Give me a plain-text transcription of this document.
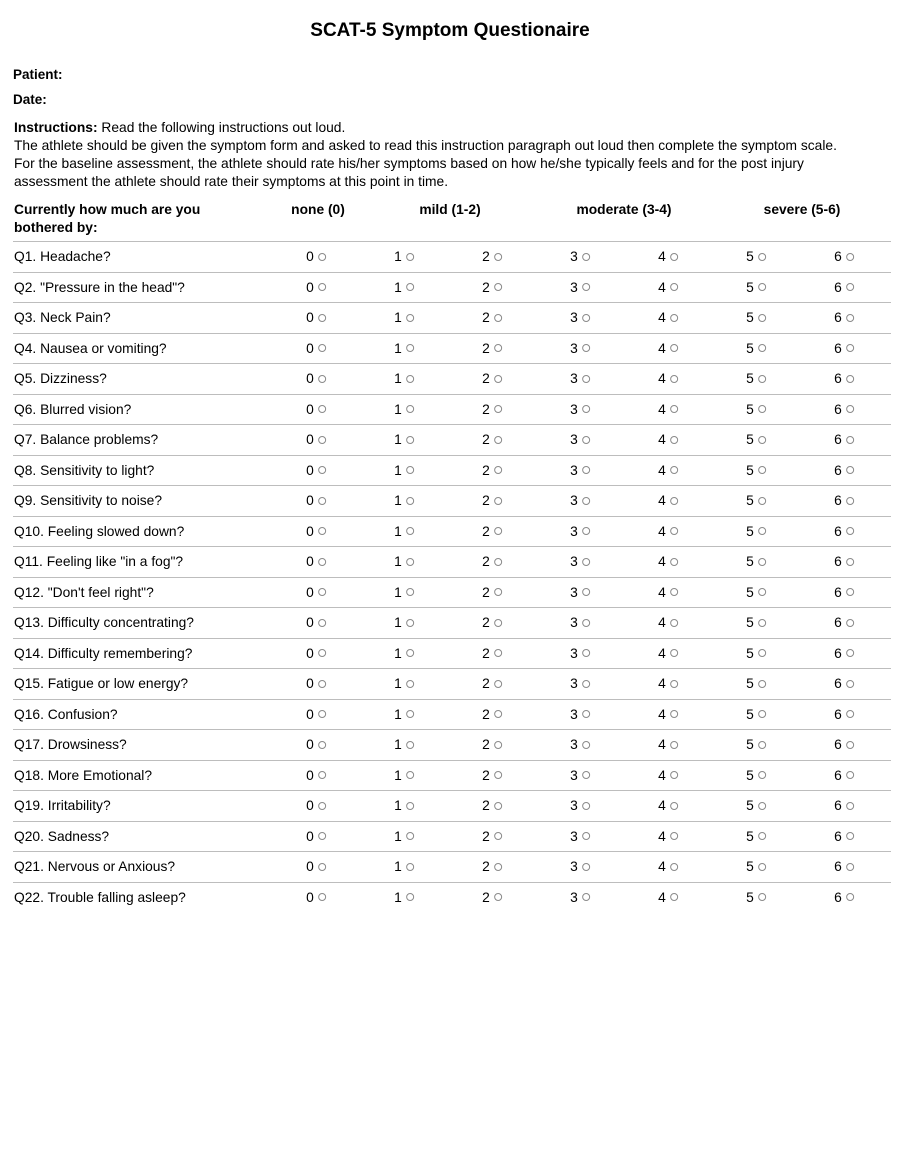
SCAT-5 Symptom Questionaire
Patient:
Date:
Instructions: Read the following instructions out loud.
The athlete should be given the symptom form and asked to read this instruction paragraph out loud then complete the symptom scale.
For the baseline assessment, the athlete should rate his/her symptoms based on how he/she typically feels and for the post injury
assessment the athlete should rate their symptoms at this point in time.
Currently how much are you
bothered by:
none (0)	mild (1-2)	moderate (3-4)	severe (5-6)
Q1. Headache?	0	1	2	3	4	5	6
Q2. "Pressure in the head"?	0	1	2	3	4	5	6
Q3. Neck Pain?	0	1	2	3	4	5	6
Q4. Nausea or vomiting?	0	1	2	3	4	5	6
Q5. Dizziness?	0	1	2	3	4	5	6
Q6. Blurred vision?	0	1	2	3	4	5	6
Q7. Balance problems?	0	1	2	3	4	5	6
Q8. Sensitivity to light?	0	1	2	3	4	5	6
Q9. Sensitivity to noise?	0	1	2	3	4	5	6
Q10. Feeling slowed down?	0	1	2	3	4	5	6
Q11. Feeling like "in a fog"?	0	1	2	3	4	5	6
Q12. "Don't feel right"?	0	1	2	3	4	5	6
Q13. Difficulty concentrating?	0	1	2	3	4	5	6
Q14. Difficulty remembering?	0	1	2	3	4	5	6
Q15. Fatigue or low energy?	0	1	2	3	4	5	6
Q16. Confusion?	0	1	2	3	4	5	6
Q17. Drowsiness?	0	1	2	3	4	5	6
Q18. More Emotional?	0	1	2	3	4	5	6
Q19. Irritability?	0	1	2	3	4	5	6
Q20. Sadness?	0	1	2	3	4	5	6
Q21. Nervous or Anxious?	0	1	2	3	4	5	6
Q22. Trouble falling asleep?	0	1	2	3	4	5	6
